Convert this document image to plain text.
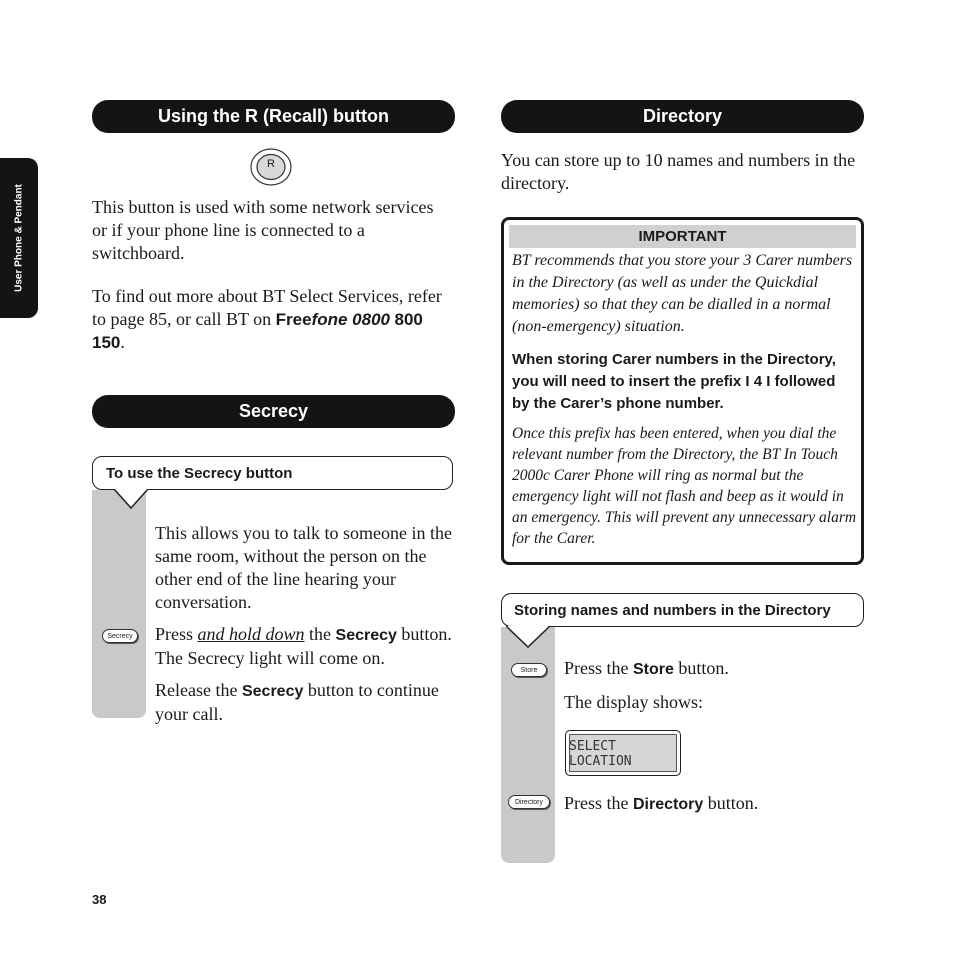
User Phone & Pendant
Using the R (Recall) button
R
This button is used with some network services or if your phone line is connected to a switchboard.
To find out more about BT Select Services, refer to page 85, or call BT on Freefone 0800 800 150.
Secrecy
To use the Secrecy button
This allows you to talk to someone in the same room, without the person on the other end of the line hearing your conversation.
Secrecy Press and hold down the Secrecy button. The Secrecy light will come on.
Release the Secrecy button to continue your call.
38
Directory
You can store up to 10 names and numbers in the directory.
IMPORTANT
BT recommends that you store your 3 Carer numbers in the Directory (as well as under the Quickdial memories) so that they can be dialled in a normal (non-emergency) situation.
When storing Carer numbers in the Directory, you will need to insert the prefix I 4 I followed by the Carer’s phone number.
Once this prefix has been entered, when you dial the relevant number from the Directory, the BT In Touch 2000c Carer Phone will ring as normal but the emergency light will not flash and beep as it would in an emergency. This will prevent any unnecessary alarm for the Carer.
Storing names and numbers in the Directory
Store Press the Store button.
The display shows:
SELECT LOCATION
Directory Press the Directory button.
